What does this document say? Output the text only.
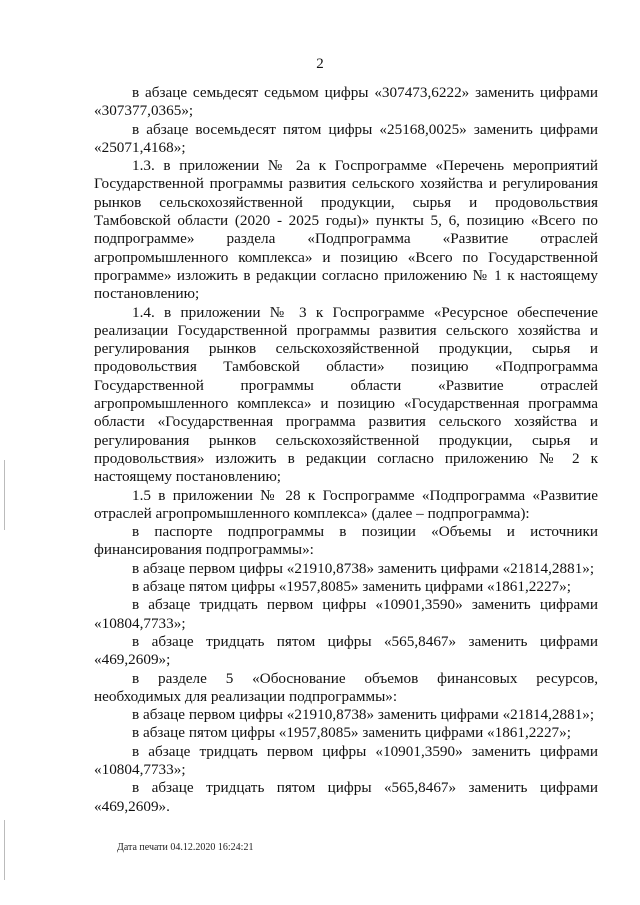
2

в абзаце семьдесят седьмом цифры «307473,6222» заменить цифрами «307377,0365»;

в абзаце восемьдесят пятом цифры «25168,0025» заменить цифрами «25071,4168»;

1.3. в приложении № 2а к Госпрограмме «Перечень мероприятий Государственной программы развития сельского хозяйства и регулирования рынков сельскохозяйственной продукции, сырья и продовольствия Тамбовской области (2020 - 2025 годы)» пункты 5, 6, позицию «Всего по подпрограмме» раздела «Подпрограмма «Развитие отраслей агропромышленного комплекса» и позицию «Всего по Государственной программе» изложить в редакции согласно приложению № 1 к настоящему постановлению;

1.4. в приложении № 3 к Госпрограмме «Ресурсное обеспечение реализации Государственной программы развития сельского хозяйства и регулирования рынков сельскохозяйственной продукции, сырья и продовольствия Тамбовской области» позицию «Подпрограмма Государственной программы области «Развитие отраслей агропромышленного комплекса» и позицию «Государственная программа области «Государственная программа развития сельского хозяйства и регулирования рынков сельскохозяйственной продукции, сырья и продовольствия» изложить в редакции согласно приложению № 2 к настоящему постановлению;

1.5 в приложении № 28 к Госпрограмме «Подпрограмма «Развитие отраслей агропромышленного комплекса» (далее – подпрограмма):

в паспорте подпрограммы в позиции «Объемы и источники финансирования подпрограммы»:

в абзаце первом цифры «21910,8738» заменить цифрами «21814,2881»;

в абзаце пятом цифры «1957,8085» заменить цифрами «1861,2227»;

в абзаце тридцать первом цифры «10901,3590» заменить цифрами «10804,7733»;

в абзаце тридцать пятом цифры «565,8467» заменить цифрами «469,2609»;

в разделе 5 «Обоснование объемов финансовых ресурсов, необходимых для реализации подпрограммы»:

в абзаце первом цифры «21910,8738» заменить цифрами «21814,2881»;

в абзаце пятом цифры «1957,8085» заменить цифрами «1861,2227»;

в абзаце тридцать первом цифры «10901,3590» заменить цифрами «10804,7733»;

в абзаце тридцать пятом цифры «565,8467» заменить цифрами «469,2609».

Дата печати 04.12.2020 16:24:21
